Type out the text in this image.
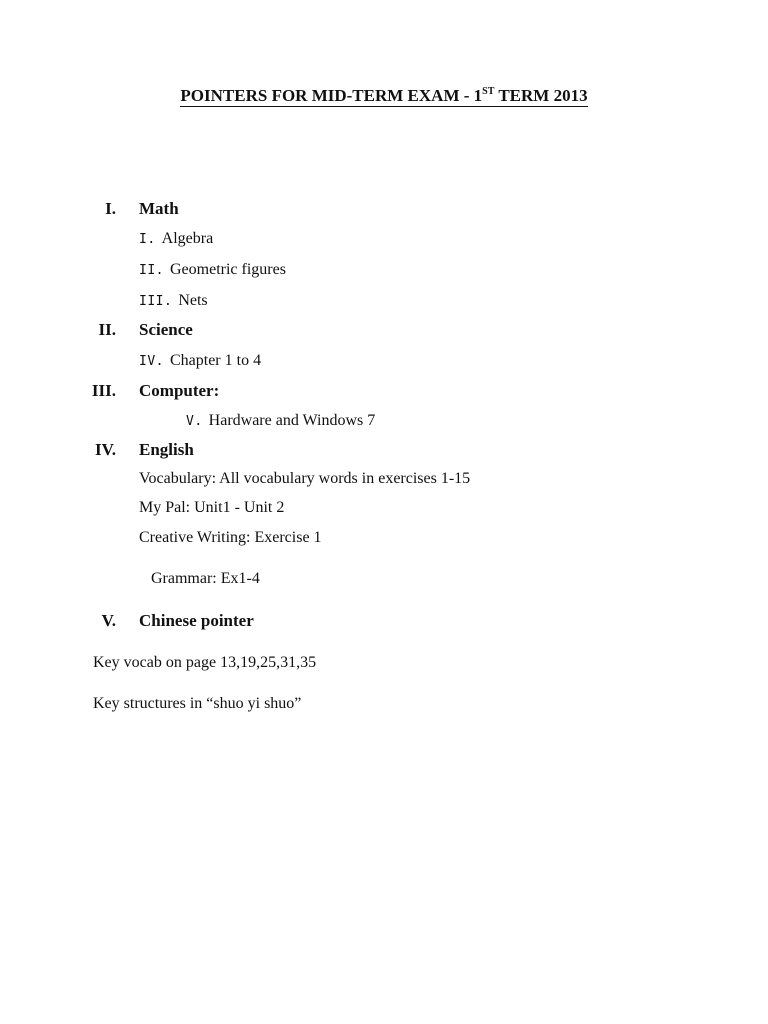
POINTERS FOR MID-TERM EXAM - 1ST TERM 2013
I. Math
I. Algebra
II. Geometric figures
III. Nets
II. Science
IV. Chapter 1 to 4
III. Computer:
V. Hardware and Windows 7
IV. English
Vocabulary: All vocabulary words in exercises 1-15
My Pal: Unit1 - Unit 2
Creative Writing: Exercise 1
Grammar: Ex1-4
V. Chinese pointer
Key vocab on page 13,19,25,31,35
Key structures in “shuo yi shuo”
